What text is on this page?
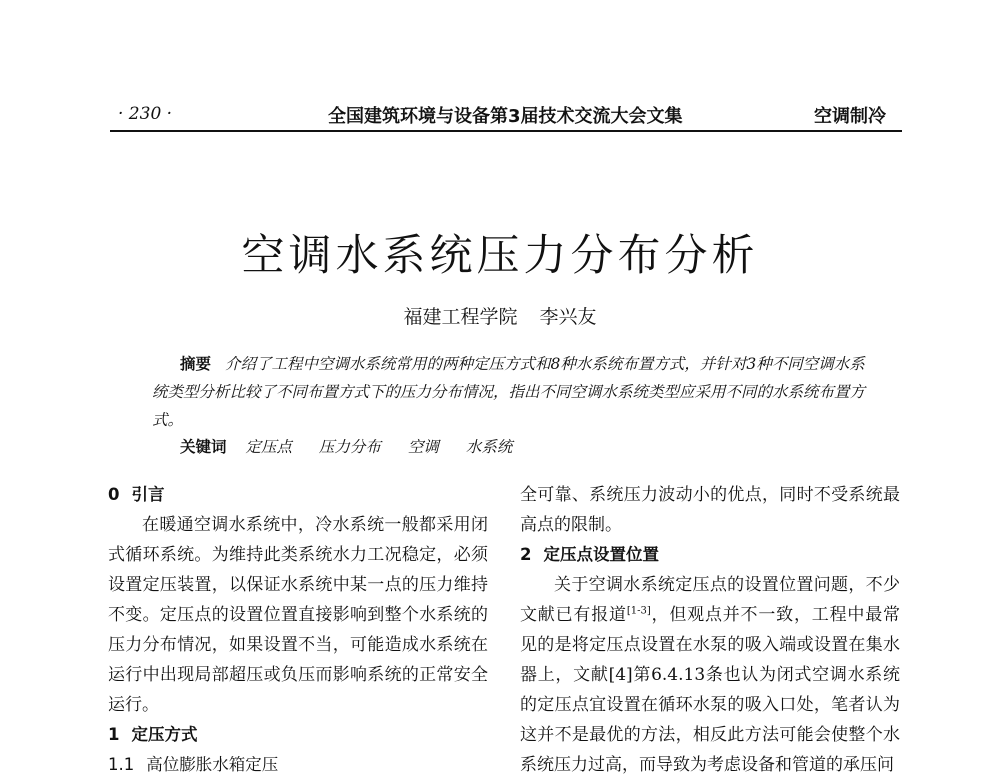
· 230 ·	全国建筑环境与设备第3届技术交流大会文集	空调制冷
空调水系统压力分布分析
福建工程学院 李兴友
摘要 介绍了工程中空调水系统常用的两种定压方式和8种水系统布置方式，并针对3种不同空调水系统类型分析比较了不同布置方式下的压力分布情况，指出不同空调水系统类型应采用不同的水系统布置方式。
关键词 定压点 压力分布 空调 水系统

0 引言

在暖通空调水系统中，冷水系统一般都采用闭式循环系统。为维持此类系统水力工况稳定，必须设置定压装置，以保证水系统中某一点的压力维持不变。定压点的设置位置直接影响到整个水系统的压力分布情况，如果设置不当，可能造成水系统在运行中出现局部超压或负压而影响系统的正常安全运行。

1 定压方式

1.1 高位膨胀水箱定压

全可靠、系统压力波动小的优点，同时不受系统最高点的限制。

2 定压点设置位置

关于空调水系统定压点的设置位置问题，不少文献已有报道[1-3]，但观点并不一致，工程中最常见的是将定压点设置在水泵的吸入端或设置在集水器上，文献[4]第6.4.13条也认为闭式空调水系统的定压点宜设置在循环水泵的吸入口处，笔者认为这并不是最优的方法，相反此方法可能会使整个水系统压力过高，而导致为考虑设备和管道的承压问
